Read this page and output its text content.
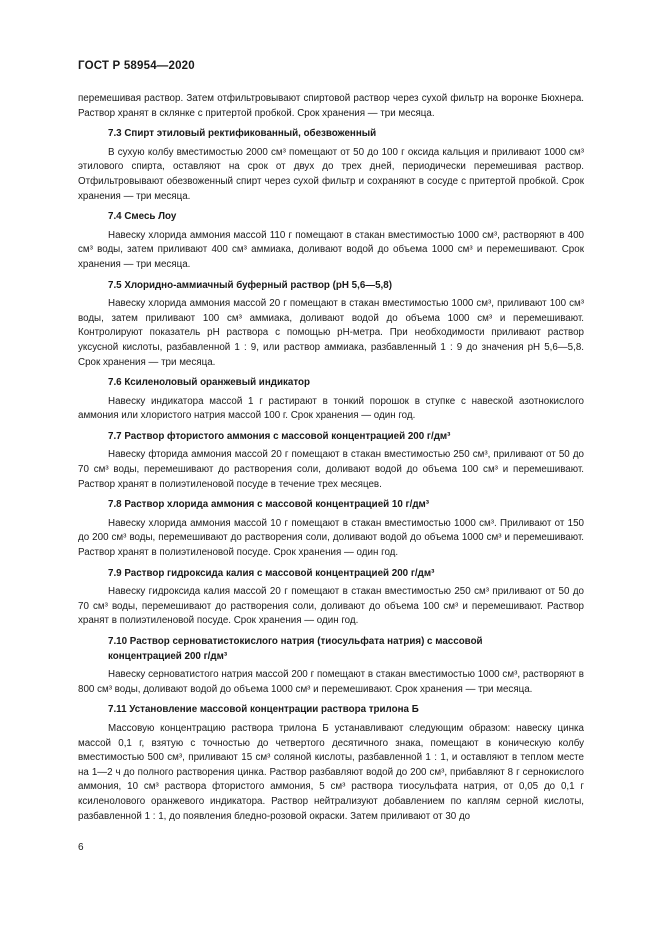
ГОСТ Р 58954—2020

перемешивая раствор. Затем отфильтровывают спиртовой раствор через сухой фильтр на воронке Бюхнера. Раствор хранят в склянке с притертой пробкой. Срок хранения — три месяца.

7.3 Спирт этиловый ректификованный, обезвоженный

В сухую колбу вместимостью 2000 см³ помещают от 50 до 100 г оксида кальция и приливают 1000 см³ этилового спирта, оставляют на срок от двух до трех дней, периодически перемешивая раствор. Отфильтровывают обезвоженный спирт через сухой фильтр и сохраняют в сосуде с притертой пробкой. Срок хранения — три месяца.

7.4 Смесь Лоу

Навеску хлорида аммония массой 110 г помещают в стакан вместимостью 1000 см³, растворяют в 400 см³ воды, затем приливают 400 см³ аммиака, доливают водой до объема 1000 см³ и перемешивают. Срок хранения — три месяца.

7.5 Хлоридно-аммиачный буферный раствор (pH 5,6—5,8)

Навеску хлорида аммония массой 20 г помещают в стакан вместимостью 1000 см³, приливают 100 см³ воды, затем приливают 100 см³ аммиака, доливают водой до объема 1000 см³ и перемешивают. Контролируют показатель pH раствора с помощью pH-метра. При необходимости приливают раствор уксусной кислоты, разбавленной 1 : 9, или раствор аммиака, разбавленный 1 : 9 до значения pH 5,6—5,8. Срок хранения — три месяца.

7.6 Ксиленоловый оранжевый индикатор

Навеску индикатора массой 1 г растирают в тонкий порошок в ступке с навеской азотнокислого аммония или хлористого натрия массой 100 г. Срок хранения — один год.

7.7 Раствор фтористого аммония с массовой концентрацией 200 г/дм³

Навеску фторида аммония массой 20 г помещают в стакан вместимостью 250 см³, приливают от 50 до 70 см³ воды, перемешивают до растворения соли, доливают водой до объема 100 см³ и перемешивают. Раствор хранят в полиэтиленовой посуде в течение трех месяцев.

7.8 Раствор хлорида аммония с массовой концентрацией 10 г/дм³

Навеску хлорида аммония массой 10 г помещают в стакан вместимостью 1000 см³. Приливают от 150 до 200 см³ воды, перемешивают до растворения соли, доливают водой до объема 1000 см³ и перемешивают. Раствор хранят в полиэтиленовой посуде. Срок хранения — один год.

7.9 Раствор гидроксида калия с массовой концентрацией 200 г/дм³

Навеску гидроксида калия массой 20 г помещают в стакан вместимостью 250 см³ приливают от 50 до 70 см³ воды, перемешивают до растворения соли, доливают до объема 100 см³ и перемешивают. Раствор хранят в полиэтиленовой посуде. Срок хранения — один год.

7.10 Раствор серноватистокислого натрия (тиосульфата натрия) с массовой
концентрацией 200 г/дм³

Навеску серноватистого натрия массой 200 г помещают в стакан вместимостью 1000 см³, растворяют в 800 см³ воды, доливают водой до объема 1000 см³ и перемешивают. Срок хранения — три месяца.

7.11 Установление массовой концентрации раствора трилона Б

Массовую концентрацию раствора трилона Б устанавливают следующим образом: навеску цинка массой 0,1 г, взятую с точностью до четвертого десятичного знака, помещают в коническую колбу вместимостью 500 см³, приливают 15 см³ соляной кислоты, разбавленной 1 : 1, и оставляют в теплом месте на 1—2 ч до полного растворения цинка. Раствор разбавляют водой до 200 см³, прибавляют 8 г сернокислого аммония, 10 см³ раствора фтористого аммония, 5 см³ раствора тиосульфата натрия, от 0,05 до 0,1 г ксиленолового оранжевого индикатора. Раствор нейтрализуют добавлением по каплям серной кислоты, разбавленной 1 : 1, до появления бледно-розовой окраски. Затем приливают от 30 до

6
